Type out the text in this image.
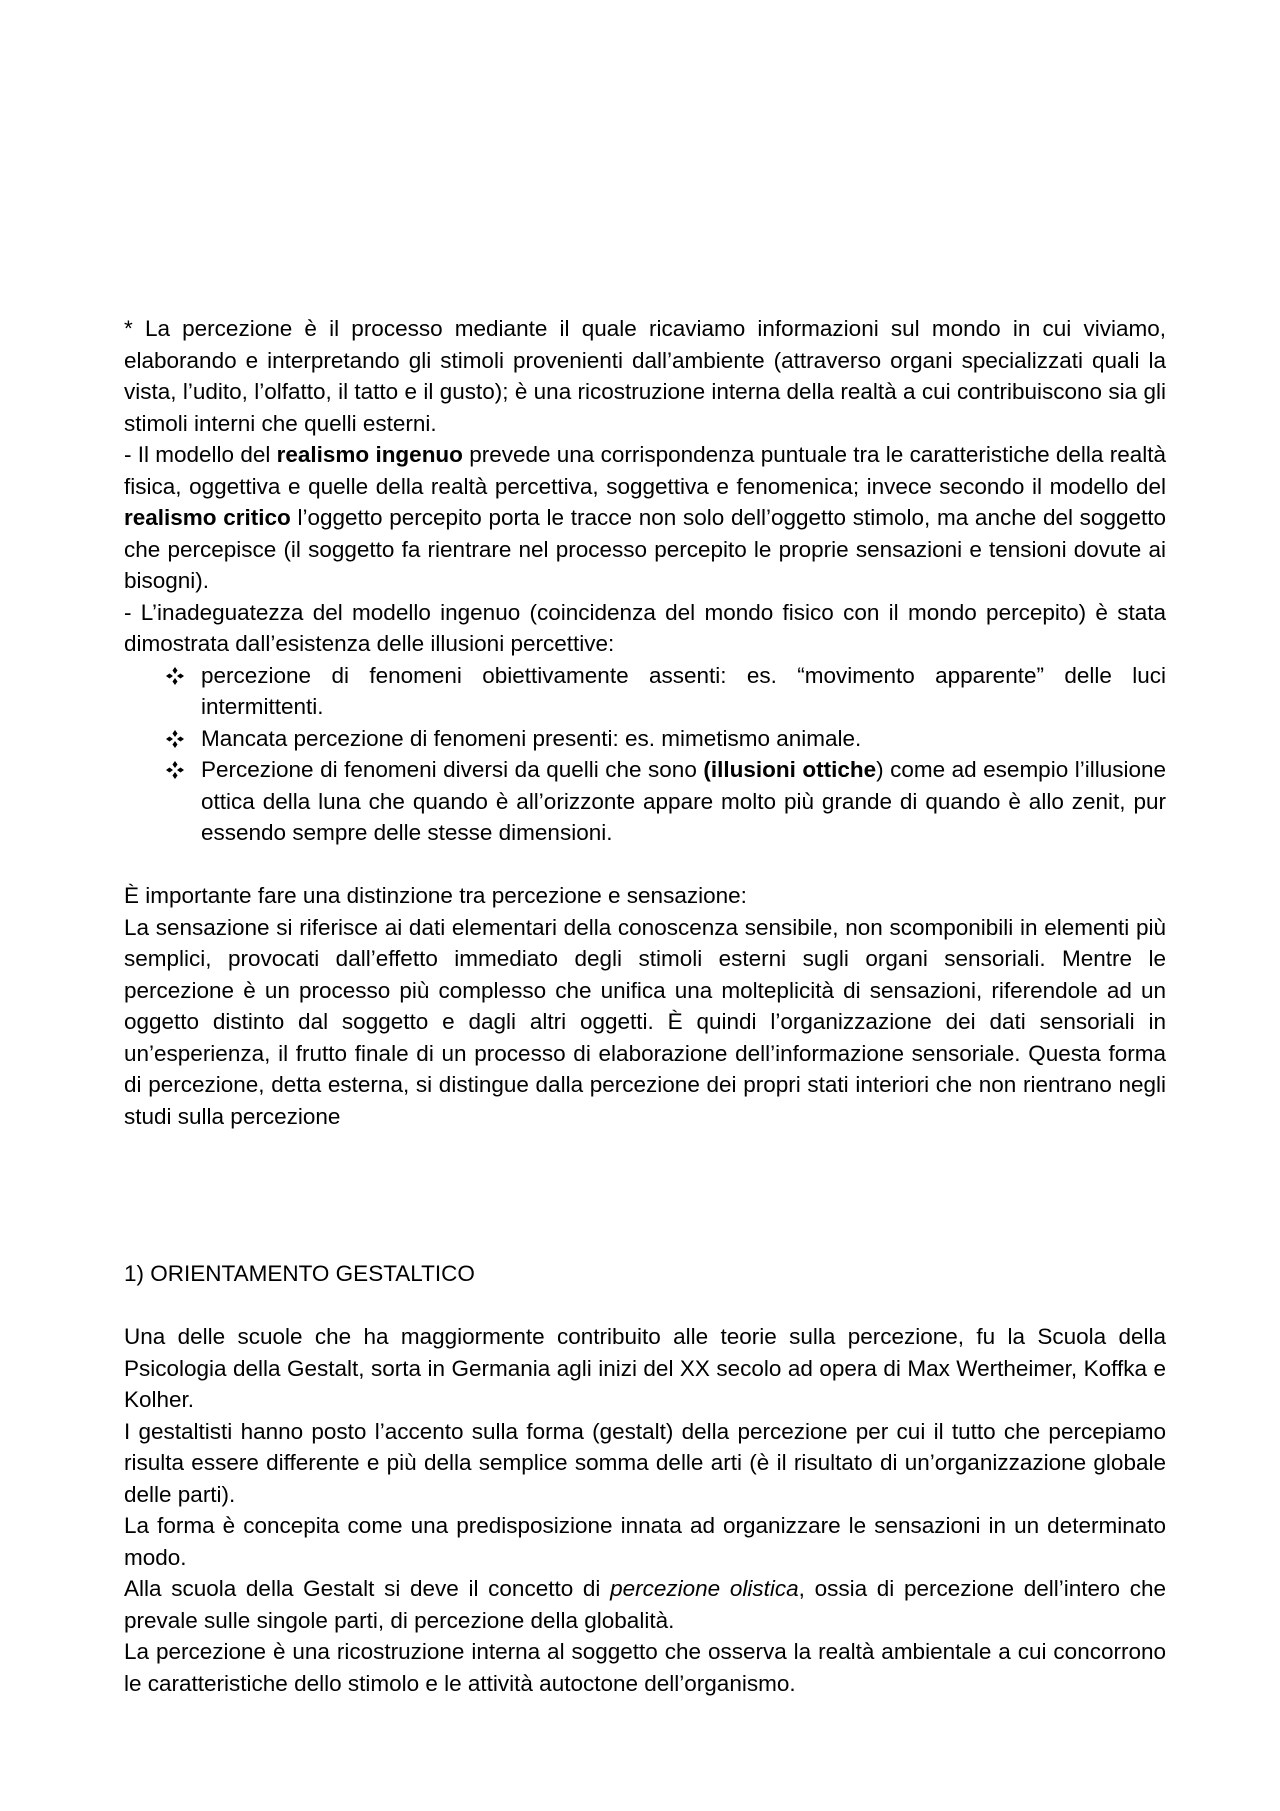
* La percezione è il processo mediante il quale ricaviamo informazioni sul mondo in cui viviamo, elaborando e interpretando gli stimoli provenienti dall’ambiente (attraverso organi specializzati quali la vista, l’udito, l’olfatto, il tatto e il gusto); è una ricostruzione interna della realtà a cui contribuiscono sia gli stimoli interni che quelli esterni.

- Il modello del realismo ingenuo prevede una corrispondenza puntuale tra le caratteristiche della realtà fisica, oggettiva e quelle della realtà percettiva, soggettiva e fenomenica; invece secondo il modello del realismo critico l’oggetto percepito porta le tracce non solo dell’oggetto stimolo, ma anche del soggetto che percepisce (il soggetto fa rientrare nel processo percepito le proprie sensazioni e tensioni dovute ai bisogni).

- L’inadeguatezza del modello ingenuo (coincidenza del mondo fisico con il mondo percepito) è stata dimostrata dall’esistenza delle illusioni percettive:

percezione di fenomeni obiettivamente assenti: es. “movimento apparente” delle luci intermittenti.
Mancata percezione di fenomeni presenti: es. mimetismo animale.
Percezione di fenomeni diversi da quelli che sono (illusioni ottiche) come ad esempio l’illusione ottica della luna che quando è all’orizzonte appare molto più grande di quando è allo zenit, pur essendo sempre delle stesse dimensioni.

È importante fare una distinzione tra percezione e sensazione:

La sensazione si riferisce ai dati elementari della conoscenza sensibile, non scomponibili in elementi più semplici, provocati dall’effetto immediato degli stimoli esterni sugli organi sensoriali. Mentre le percezione è un processo più complesso che unifica una molteplicità di sensazioni, riferendole ad un oggetto distinto dal soggetto e dagli altri oggetti. È quindi l’organizzazione dei dati sensoriali in un’esperienza, il frutto finale di un processo di elaborazione dell’informazione sensoriale. Questa forma di percezione, detta esterna, si distingue dalla percezione dei propri stati interiori che non rientrano negli studi sulla percezione

1) ORIENTAMENTO GESTALTICO

Una delle scuole che ha maggiormente contribuito alle teorie sulla percezione, fu la Scuola della Psicologia della Gestalt, sorta in Germania agli inizi del XX secolo ad opera di Max Wertheimer, Koffka e Kolher.

I gestaltisti hanno posto l’accento sulla forma (gestalt) della percezione per cui il tutto che percepiamo risulta essere differente e più della semplice somma delle arti (è il risultato di un’organizzazione globale delle parti).

La forma è concepita come una predisposizione innata ad organizzare le sensazioni in un determinato modo.

Alla scuola della Gestalt si deve il concetto di percezione olistica, ossia di percezione dell’intero che prevale sulle singole parti, di percezione della globalità.

La percezione è una ricostruzione interna al soggetto che osserva la realtà ambientale a cui concorrono le caratteristiche dello stimolo e le attività autoctone dell’organismo.
